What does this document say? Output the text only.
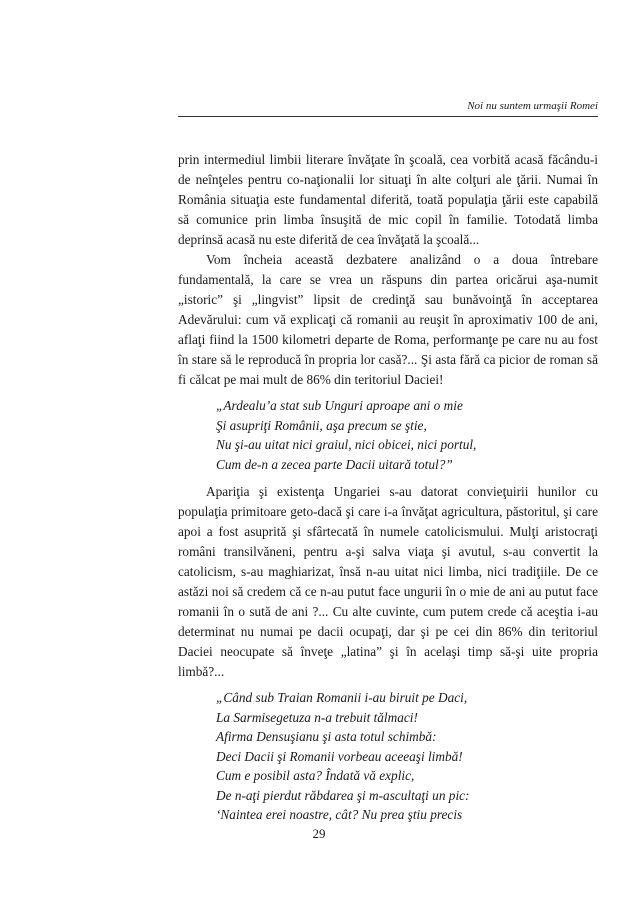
Noi nu suntem urmaşii Romei

prin intermediul limbii literare învăţate în şcoală, cea vorbită acasă făcându-i de neînţeles pentru co-naţionalii lor situaţi în alte colţuri ale ţării. Numai în România situaţia este fundamental diferită, toată populaţia ţării este capabilă să comunice prin limba însuşită de mic copil în familie. Totodată limba deprinsă acasă nu este diferită de cea învăţată la şcoală...

Vom încheia această dezbatere analizând o a doua întrebare fundamentală, la care se vrea un răspuns din partea oricărui aşa-numit „istoric” şi „lingvist” lipsit de credinţă sau bunăvoinţă în acceptarea Adevărului: cum vă explicaţi că romanii au reuşit în aproximativ 100 de ani, aflaţi fiind la 1500 kilometri departe de Roma, performanţe pe care nu au fost în stare să le reproducă în propria lor casă?... Şi asta fără ca picior de roman să fi călcat pe mai mult de 86% din teritoriul Daciei!

„Ardealu’a stat sub Unguri aproape ani o mie
Şi asupriţi Românii, aşa precum se ştie,
Nu şi-au uitat nici graiul, nici obicei, nici portul,
Cum de-n a zecea parte Dacii uitară totul?”

Apariţia şi existenţa Ungariei s-au datorat convieţuirii hunilor cu populaţia primitoare geto-dacă şi care i-a învăţat agricultura, păstoritul, şi care apoi a fost asuprită şi sfârtecată în numele catolicismului. Mulţi aristocraţi români transilvăneni, pentru a-şi salva viaţa şi avutul, s-au convertit la catolicism, s-au maghiarizat, însă n-au uitat nici limba, nici tradiţiile. De ce astăzi noi să credem că ce n-au putut face ungurii în o mie de ani au putut face romanii în o sută de ani ?... Cu alte cuvinte, cum putem crede că aceştia i-au determinat nu numai pe dacii ocupaţi, dar şi pe cei din 86% din teritoriul Daciei neocupate să înveţe „latina” şi în acelaşi timp să-şi uite propria limbă?...

„Când sub Traian Romanii i-au biruit pe Daci,
La Sarmisegetuza n-a trebuit tălmaci!
Afirma Densuşianu şi asta totul schimbă:
Deci Dacii şi Romanii vorbeau aceeaşi limbă!
Cum e posibil asta? Îndată vă explic,
De n-aţi pierdut răbdarea şi m-ascultaţi un pic:
‘Naintea erei noastre, cât? Nu prea ştiu precis
29
